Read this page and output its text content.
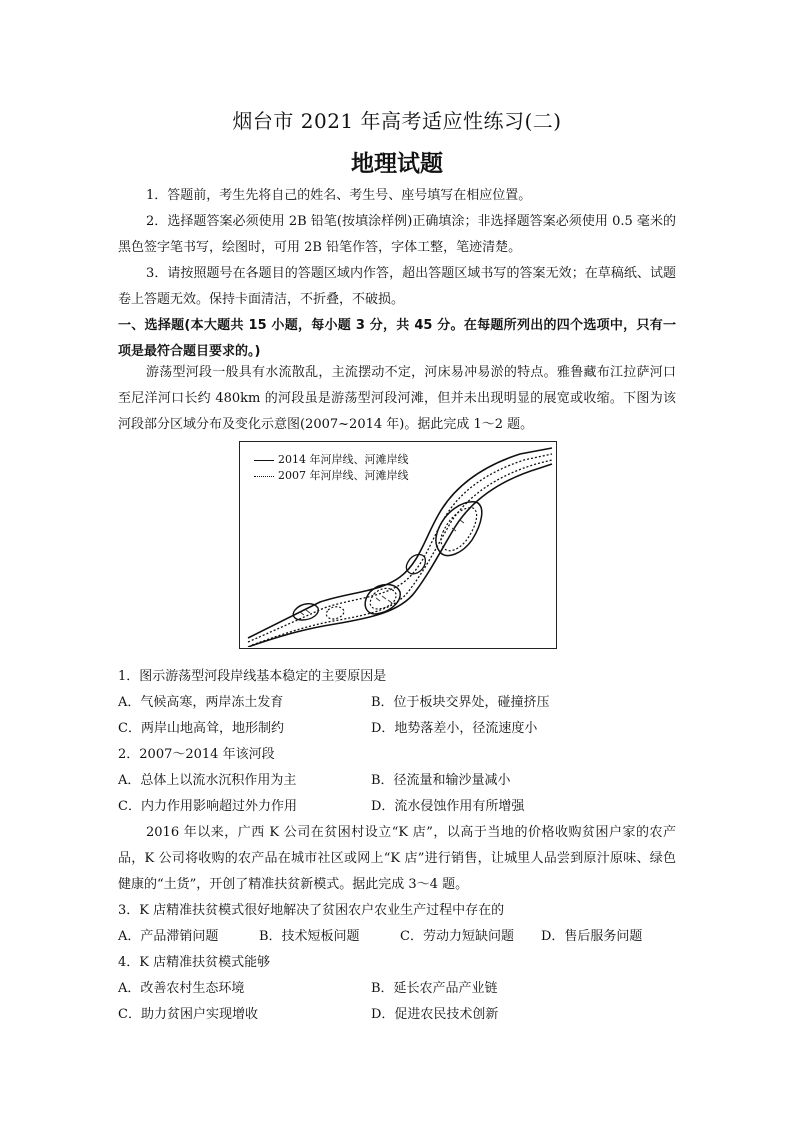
烟台市 2021 年高考适应性练习(二)
地理试题
1．答题前，考生先将自己的姓名、考生号、座号填写在相应位置。
2．选择题答案必须使用 2B 铅笔(按填涂样例)正确填涂；非选择题答案必须使用 0.5 毫米的黑色签字笔书写，绘图时，可用 2B 铅笔作答，字体工整，笔迹清楚。
3．请按照题号在各题目的答题区域内作答，超出答题区域书写的答案无效；在草稿纸、试题卷上答题无效。保持卡面清洁，不折叠，不破损。
一、选择题(本大题共 15 小题，每小题 3 分，共 45 分。在每题所列出的四个选项中，只有一项是最符合题目要求的。)
游荡型河段一般具有水流散乱，主流摆动不定，河床易冲易淤的特点。雅鲁藏布江拉萨河口至尼洋河口长约 480km 的河段虽是游荡型河段河滩，但并未出现明显的展宽或收缩。下图为该河段部分区域分布及变化示意图(2007~2014 年)。据此完成 1～2 题。
2014 年河岸线、河滩岸线
2007 年河岸线、河滩岸线
1．图示游荡型河段岸线基本稳定的主要原因是
A．气候高寒，两岸冻土发育	B．位于板块交界处，碰撞挤压
C．两岸山地高耸，地形制约	D．地势落差小，径流速度小
2．2007～2014 年该河段
A．总体上以流水沉积作用为主	B．径流量和输沙量减小
C．内力作用影响超过外力作用	D．流水侵蚀作用有所增强
2016 年以来，广西 K 公司在贫困村设立“K 店”，以高于当地的价格收购贫困户家的农产品，K 公司将收购的农产品在城市社区或网上“K 店”进行销售，让城里人品尝到原汁原味、绿色健康的“土货”，开创了精准扶贫新模式。据此完成 3～4 题。
3．K 店精准扶贫模式很好地解决了贫困农户农业生产过程中存在的
A．产品滞销问题	B．技术短板问题	C．劳动力短缺问题 D．售后服务问题
4．K 店精准扶贫模式能够
A．改善农村生态环境	B．延长农产品产业链
C．助力贫困户实现增收	D．促进农民技术创新
